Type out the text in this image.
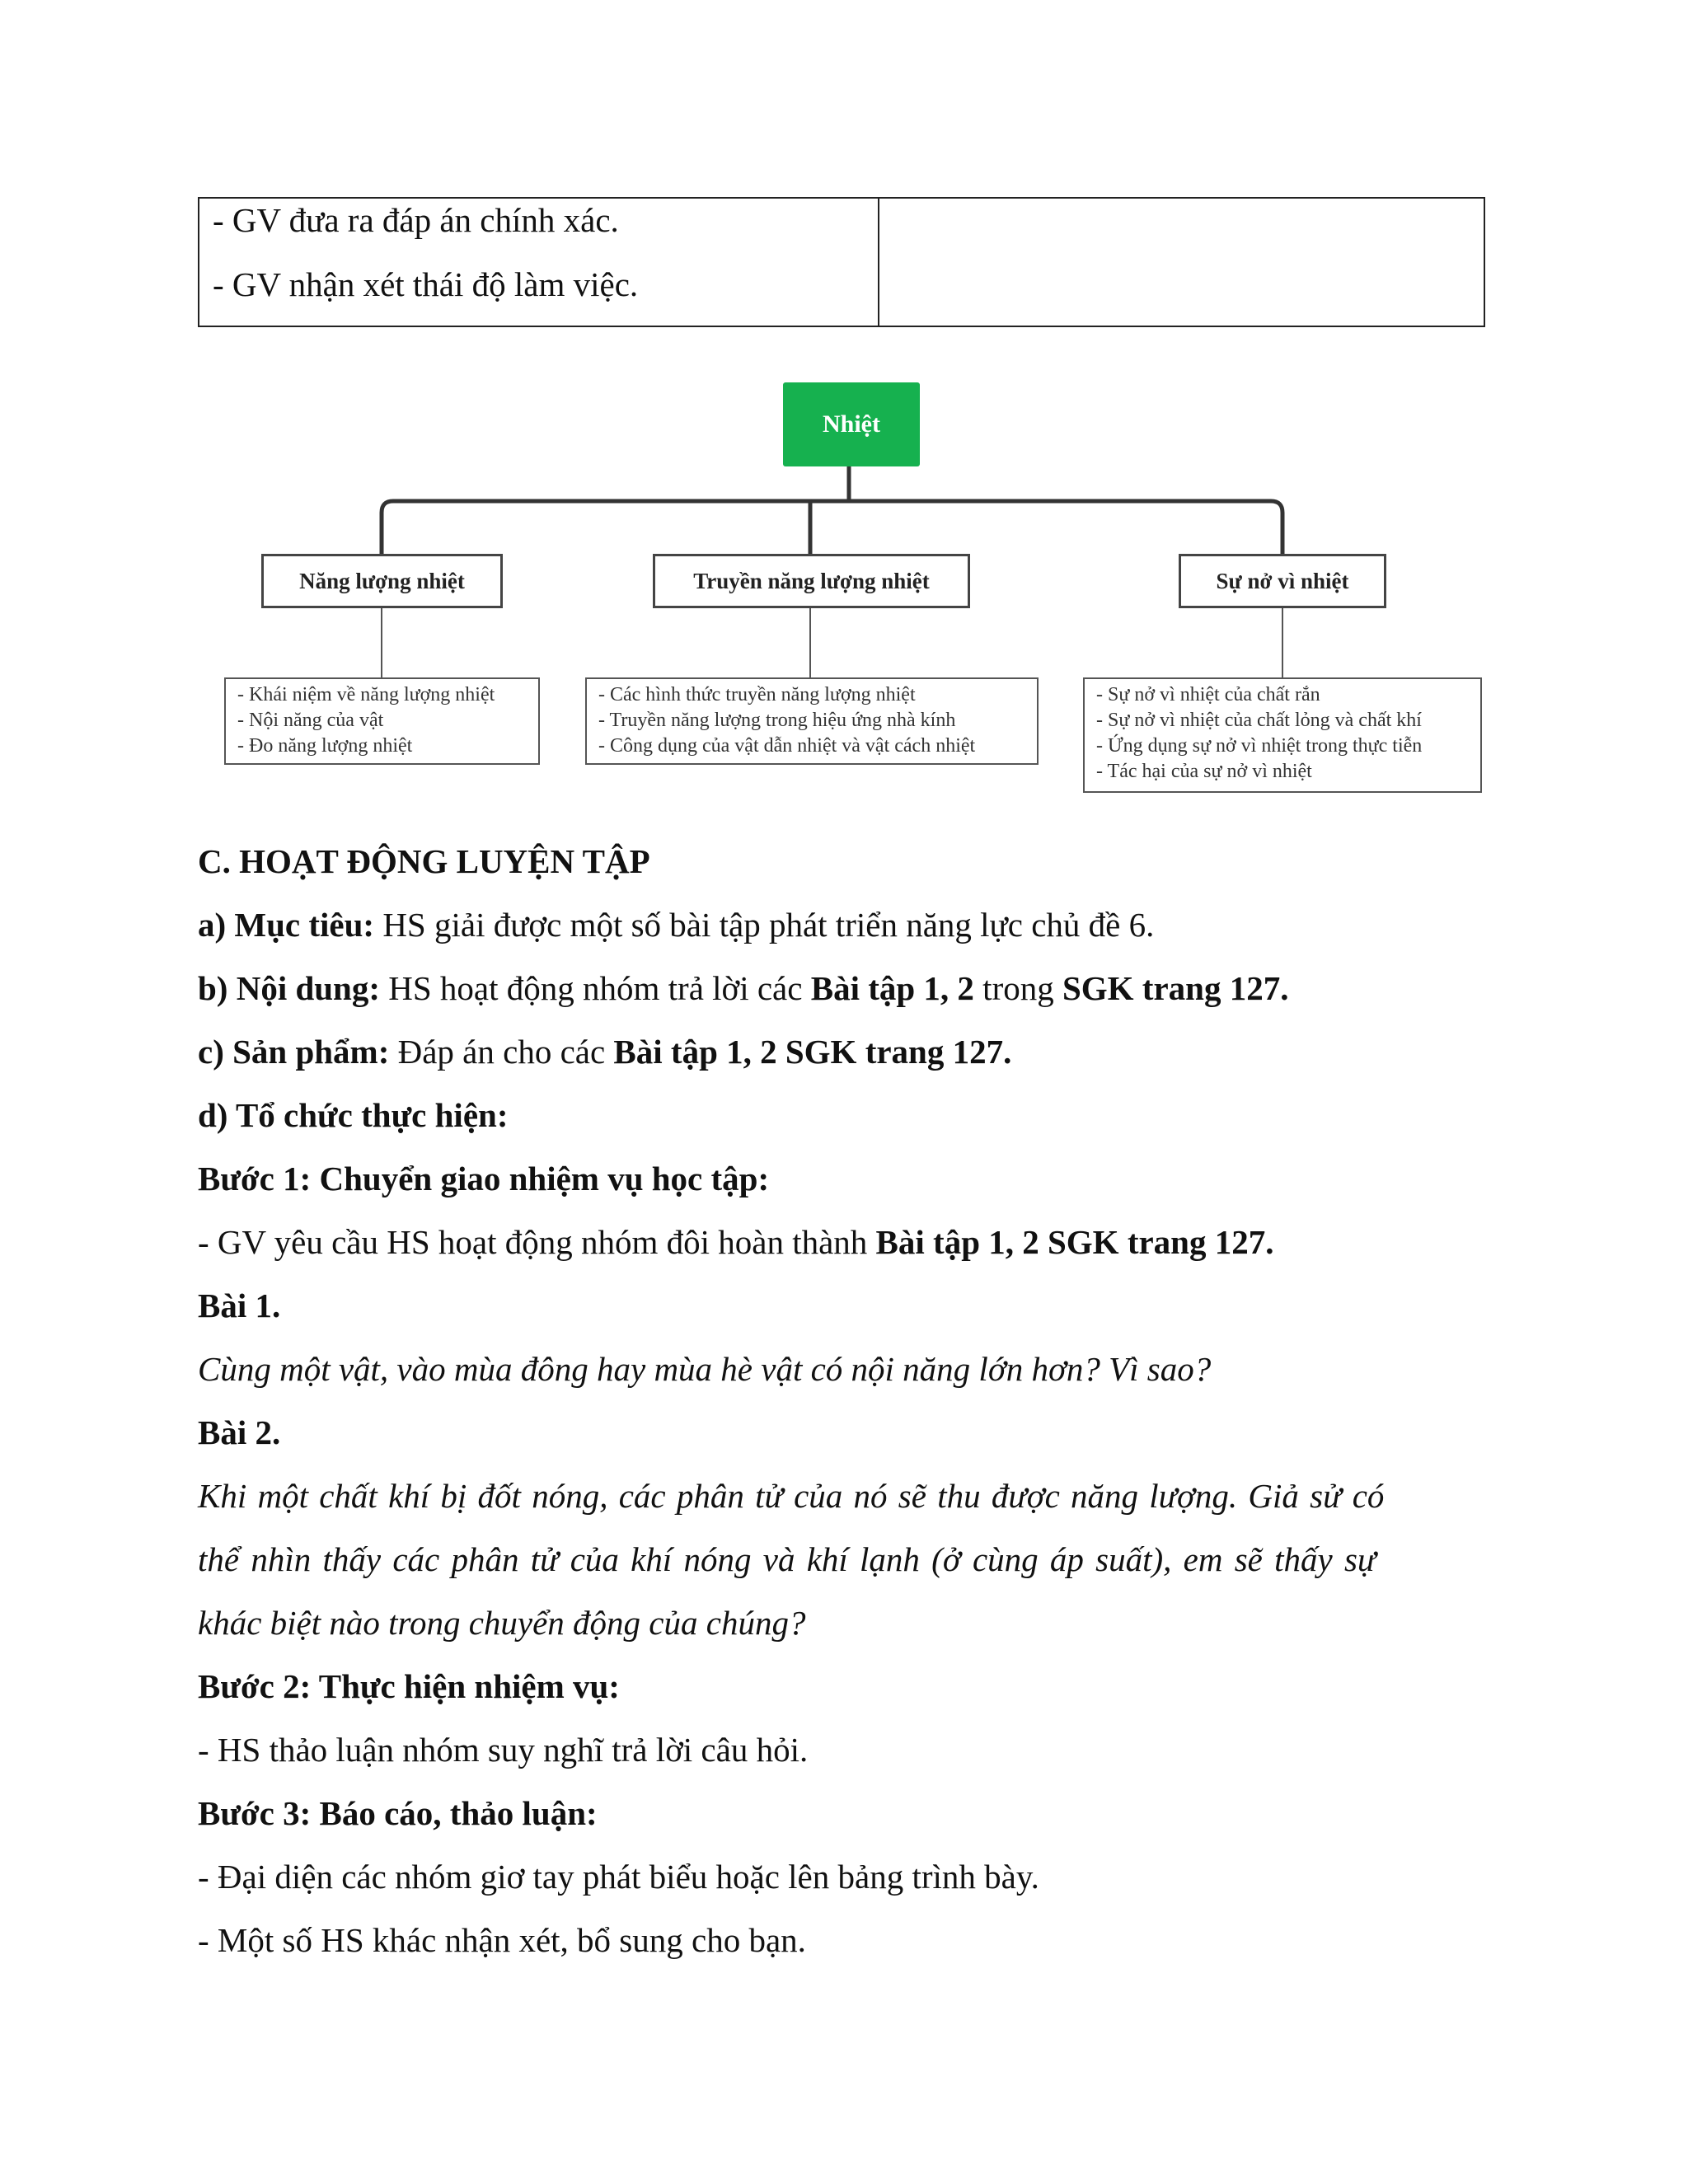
- GV đưa ra đáp án chính xác.

- GV nhận xét thái độ làm việc.

Nhiệt
Năng lượng nhiệt	Truyền năng lượng nhiệt	Sự nở vì nhiệt
- Khái niệm về năng lượng nhiệt
- Nội năng của vật
- Đo năng lượng nhiệt
- Các hình thức truyền năng lượng nhiệt
- Truyền năng lượng trong hiệu ứng nhà kính
- Công dụng của vật dẫn nhiệt và vật cách nhiệt
- Sự nở vì nhiệt của chất rắn
- Sự nở vì nhiệt của chất lỏng và chất khí
- Ứng dụng sự nở vì nhiệt trong thực tiễn
- Tác hại của sự nở vì nhiệt
C. HOẠT ĐỘNG LUYỆN TẬP
a) Mục tiêu: HS giải được một số bài tập phát triển năng lực chủ đề 6.
b) Nội dung: HS hoạt động nhóm trả lời các Bài tập 1, 2 trong SGK trang 127.
c) Sản phẩm: Đáp án cho các Bài tập 1, 2 SGK trang 127.
d) Tổ chức thực hiện:
Bước 1: Chuyển giao nhiệm vụ học tập:
- GV yêu cầu HS hoạt động nhóm đôi hoàn thành Bài tập 1, 2 SGK trang 127.
Bài 1.
Cùng một vật, vào mùa đông hay mùa hè vật có nội năng lớn hơn? Vì sao?
Bài 2.
Khi một chất khí bị đốt nóng, các phân tử của nó sẽ thu được năng lượng. Giả sử có
thể nhìn thấy các phân tử của khí nóng và khí lạnh (ở cùng áp suất), em sẽ thấy sự
khác biệt nào trong chuyển động của chúng?
Bước 2: Thực hiện nhiệm vụ:
- HS thảo luận nhóm suy nghĩ trả lời câu hỏi.
Bước 3: Báo cáo, thảo luận:
- Đại diện các nhóm giơ tay phát biểu hoặc lên bảng trình bày.
- Một số HS khác nhận xét, bổ sung cho bạn.
